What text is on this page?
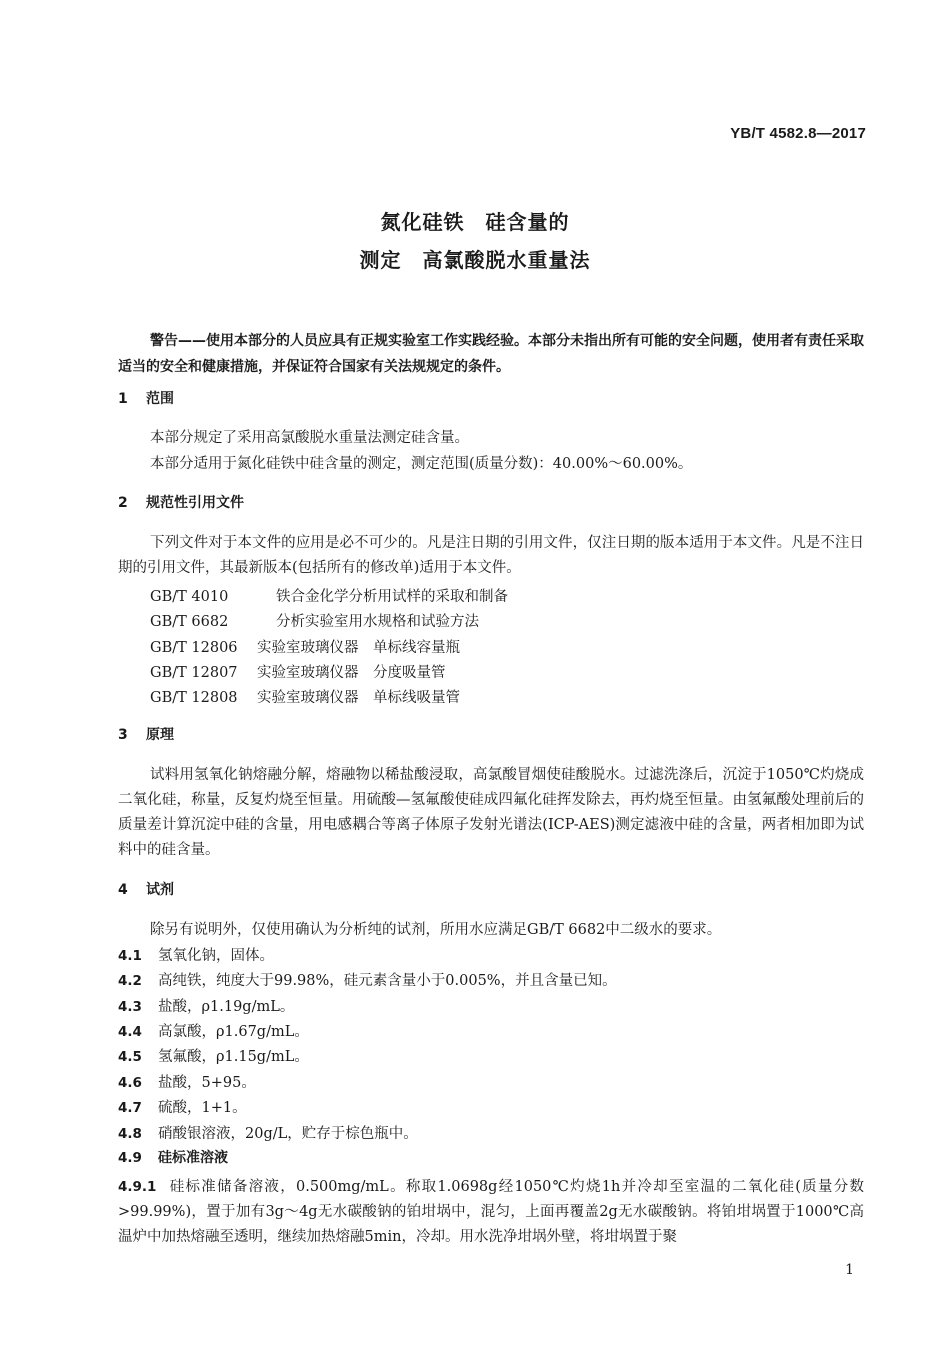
YB/T 4582.8—2017
氮化硅铁　硅含量的
测定　高氯酸脱水重量法

警告——使用本部分的人员应具有正规实验室工作实践经验。本部分未指出所有可能的安全问题，使用者有责任采取适当的安全和健康措施，并保证符合国家有关法规规定的条件。

1 范围

本部分规定了采用高氯酸脱水重量法测定硅含量。

本部分适用于氮化硅铁中硅含量的测定，测定范围(质量分数)：40.00%～60.00%。

2 规范性引用文件

下列文件对于本文件的应用是必不可少的。凡是注日期的引用文件，仅注日期的版本适用于本文件。凡是不注日期的引用文件，其最新版本(包括所有的修改单)适用于本文件。

GB/T 4010	铁合金化学分析用试样的采取和制备
GB/T 6682	分析实验室用水规格和试验方法
GB/T 12806 实验室玻璃仪器　单标线容量瓶
GB/T 12807 实验室玻璃仪器　分度吸量管
GB/T 12808 实验室玻璃仪器　单标线吸量管
3 原理

试料用氢氧化钠熔融分解，熔融物以稀盐酸浸取，高氯酸冒烟使硅酸脱水。过滤洗涤后，沉淀于1050℃灼烧成二氧化硅，称量，反复灼烧至恒量。用硫酸—氢氟酸使硅成四氟化硅挥发除去，再灼烧至恒量。由氢氟酸处理前后的质量差计算沉淀中硅的含量，用电感耦合等离子体原子发射光谱法(ICP-AES)测定滤液中硅的含量，两者相加即为试料中的硅含量。

4 试剂

除另有说明外，仅使用确认为分析纯的试剂，所用水应满足GB/T 6682中二级水的要求。

4.1 氢氧化钠，固体。
4.2 高纯铁，纯度大于99.98%，硅元素含量小于0.005%，并且含量已知。
4.3 盐酸，ρ1.19g/mL。
4.4 高氯酸，ρ1.67g/mL。
4.5 氢氟酸，ρ1.15g/mL。
4.6 盐酸，5+95。
4.7 硫酸，1+1。
4.8 硝酸银溶液，20g/L，贮存于棕色瓶中。
4.9 硅标准溶液

4.9.1 硅标准储备溶液，0.500mg/mL。称取1.0698g经1050℃灼烧1h并冷却至室温的二氧化硅(质量分数>99.99%)，置于加有3g～4g无水碳酸钠的铂坩埚中，混匀，上面再覆盖2g无水碳酸钠。将铂坩埚置于1000℃高温炉中加热熔融至透明，继续加热熔融5min，冷却。用水洗净坩埚外壁，将坩埚置于聚

1
